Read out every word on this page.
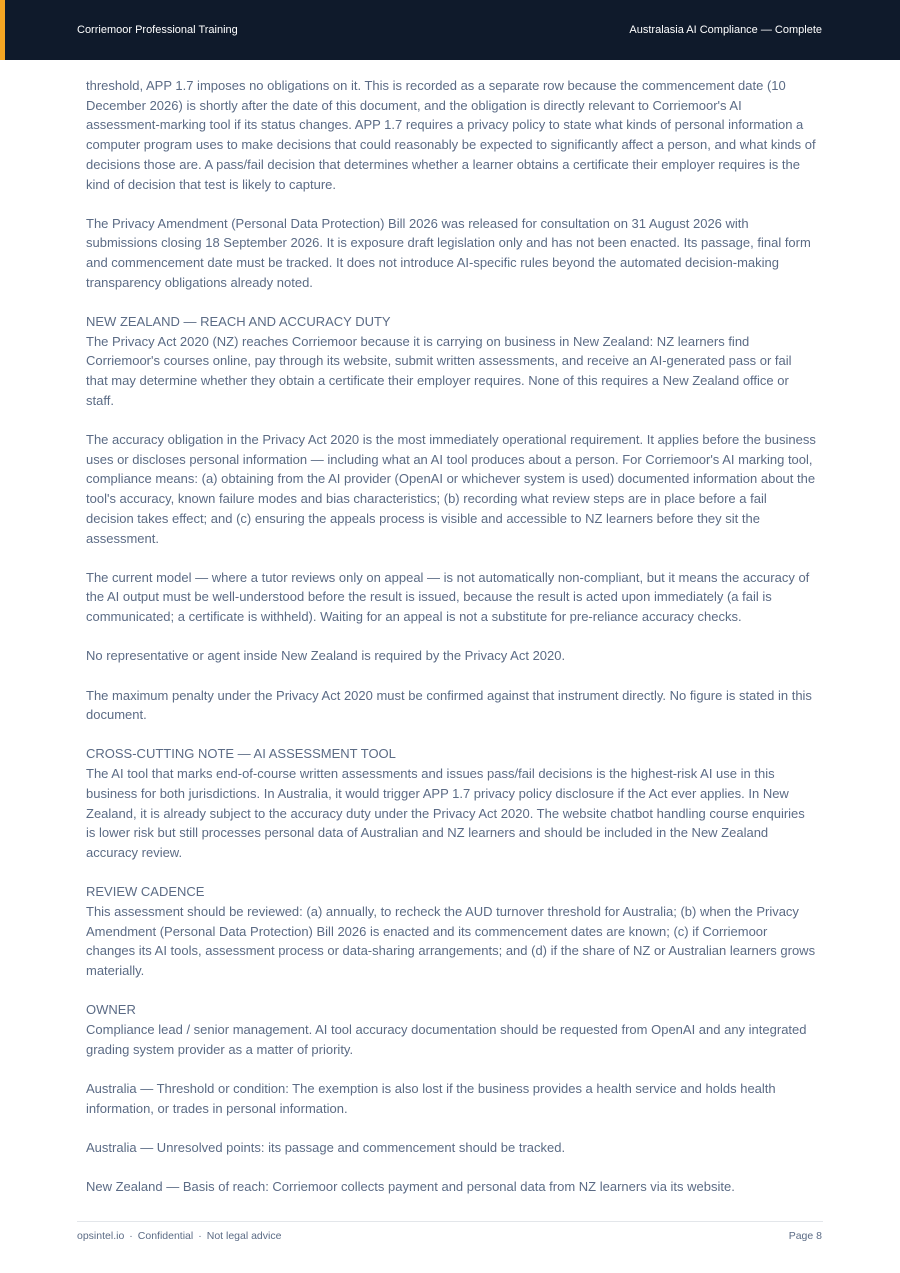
Corriemoor Professional Training	Australasia AI Compliance — Complete

threshold, APP 1.7 imposes no obligations on it. This is recorded as a separate row because the commencement date (10 December 2026) is shortly after the date of this document, and the obligation is directly relevant to Corriemoor's AI assessment-marking tool if its status changes. APP 1.7 requires a privacy policy to state what kinds of personal information a computer program uses to make decisions that could reasonably be expected to significantly affect a person, and what kinds of decisions those are. A pass/fail decision that determines whether a learner obtains a certificate their employer requires is the kind of decision that test is likely to capture.

The Privacy Amendment (Personal Data Protection) Bill 2026 was released for consultation on 31 August 2026 with submissions closing 18 September 2026. It is exposure draft legislation only and has not been enacted. Its passage, final form and commencement date must be tracked. It does not introduce AI-specific rules beyond the automated decision-making transparency obligations already noted.

NEW ZEALAND — REACH AND ACCURACY DUTY
The Privacy Act 2020 (NZ) reaches Corriemoor because it is carrying on business in New Zealand: NZ learners find Corriemoor's courses online, pay through its website, submit written assessments, and receive an AI-generated pass or fail that may determine whether they obtain a certificate their employer requires. None of this requires a New Zealand office or staff.

The accuracy obligation in the Privacy Act 2020 is the most immediately operational requirement. It applies before the business uses or discloses personal information — including what an AI tool produces about a person. For Corriemoor's AI marking tool, compliance means: (a) obtaining from the AI provider (OpenAI or whichever system is used) documented information about the tool's accuracy, known failure modes and bias characteristics; (b) recording what review steps are in place before a fail decision takes effect; and (c) ensuring the appeals process is visible and accessible to NZ learners before they sit the assessment.

The current model — where a tutor reviews only on appeal — is not automatically non-compliant, but it means the accuracy of the AI output must be well-understood before the result is issued, because the result is acted upon immediately (a fail is communicated; a certificate is withheld). Waiting for an appeal is not a substitute for pre-reliance accuracy checks.

No representative or agent inside New Zealand is required by the Privacy Act 2020.

The maximum penalty under the Privacy Act 2020 must be confirmed against that instrument directly. No figure is stated in this document.

CROSS-CUTTING NOTE — AI ASSESSMENT TOOL
The AI tool that marks end-of-course written assessments and issues pass/fail decisions is the highest-risk AI use in this business for both jurisdictions. In Australia, it would trigger APP 1.7 privacy policy disclosure if the Act ever applies. In New Zealand, it is already subject to the accuracy duty under the Privacy Act 2020. The website chatbot handling course enquiries is lower risk but still processes personal data of Australian and NZ learners and should be included in the New Zealand accuracy review.

REVIEW CADENCE
This assessment should be reviewed: (a) annually, to recheck the AUD turnover threshold for Australia; (b) when the Privacy Amendment (Personal Data Protection) Bill 2026 is enacted and its commencement dates are known; (c) if Corriemoor changes its AI tools, assessment process or data-sharing arrangements; and (d) if the share of NZ or Australian learners grows materially.

OWNER
Compliance lead / senior management. AI tool accuracy documentation should be requested from OpenAI and any integrated grading system provider as a matter of priority.

Australia — Threshold or condition: The exemption is also lost if the business provides a health service and holds health information, or trades in personal information.

Australia — Unresolved points: its passage and commencement should be tracked.

New Zealand — Basis of reach: Corriemoor collects payment and personal data from NZ learners via its website.

opsintel.io · Confidential · Not legal advice	Page 8
